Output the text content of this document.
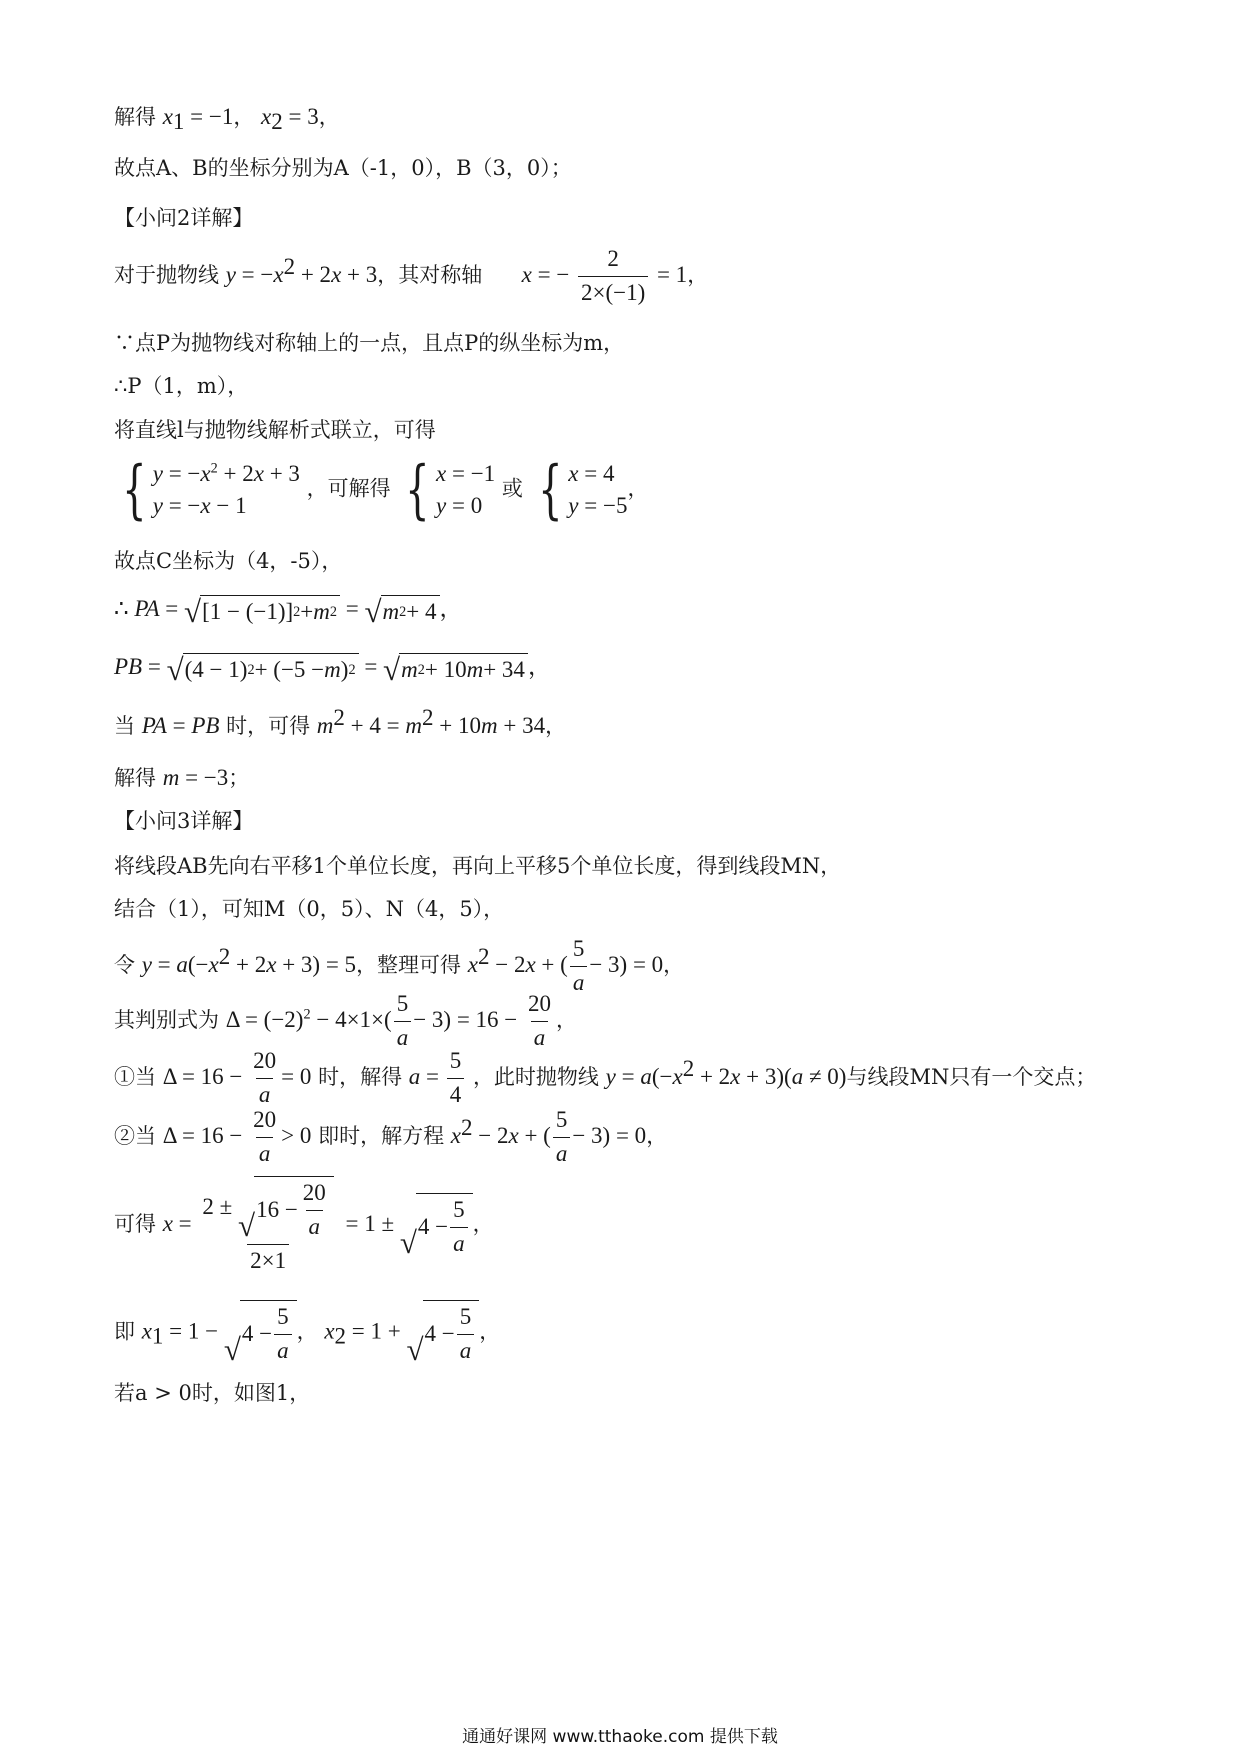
解得 $x_1 = -1$， $x_2 = 3$，
故点A、B的坐标分别为A（-1，0），B（3，0）；
【小问2详解】
对于抛物线 $y = -x^2 + 2x + 3$，其对称轴 x = − $\frac{2}{2\times(-1)} = 1$，
∵点P为抛物线对称轴上的一点，且点P的纵坐标为m，
∴P（1，m），
将直线l与抛物线解析式联立，可得
{ $y = -x^2 + 2x + 3$
y = −x − 1
，可解得 { x = −1
y = 0
或 { x = 4
y = −5
，
故点C坐标为（4，-5），
∴ PA = √ [1 − (−1)] 2 + m 2 = √ m 2 + 4 ，
PB = √ (4 − 1) 2 + (−5 − m ) 2 = √ m 2 + 10 m + 34 ，
当 PA = PB 时，可得 $m^2 + 4 = m^2 + 10m + 34$，
解得 m = −3；
【小问3详解】
将线段AB先向右平移1个单位长度，再向上平移5个单位长度，得到线段MN，
结合（1），可知M（0，5）、N（4，5），
令 $y = a(-x^2 + 2x + 3) = 5$，整理可得 $x^2 - 2x$ + ( $\frac{5}{a} - 3) = 0$，
其判别式为 $\Delta = (-2)^2 - 4\times 1\times( \frac{5}{a} - 3) = 16 - \frac{20}{a}$ ，
①当 $\Delta = 16 - \frac{20}{a} = 0$ 时，解得 $a = \frac{5}{4}$ ，此时抛物线 $y = a(-x^2 + 2x + 3)(a \ne 0)$与线段MN只有一个交点；
②当 $\Delta = 16 - \frac{20}{a} > 0$ 即时，解方程 $x^2 - 2x$ + ( $\frac{5}{a} - 3) = 0$，
可得 x = 2 ±
√ $16 - \frac{20}{a}$
2×1 = 1 ±
√ $4 - \frac{5}{a}$ ，
即 $x_1 = 1$ −
√ $4 - \frac{5}{a}$ ， $x_2 = 1$ +
√ $4 - \frac{5}{a}$ ，
若a > 0时，如图1，
通通好课网 www.tthaoke.com 提供下载
